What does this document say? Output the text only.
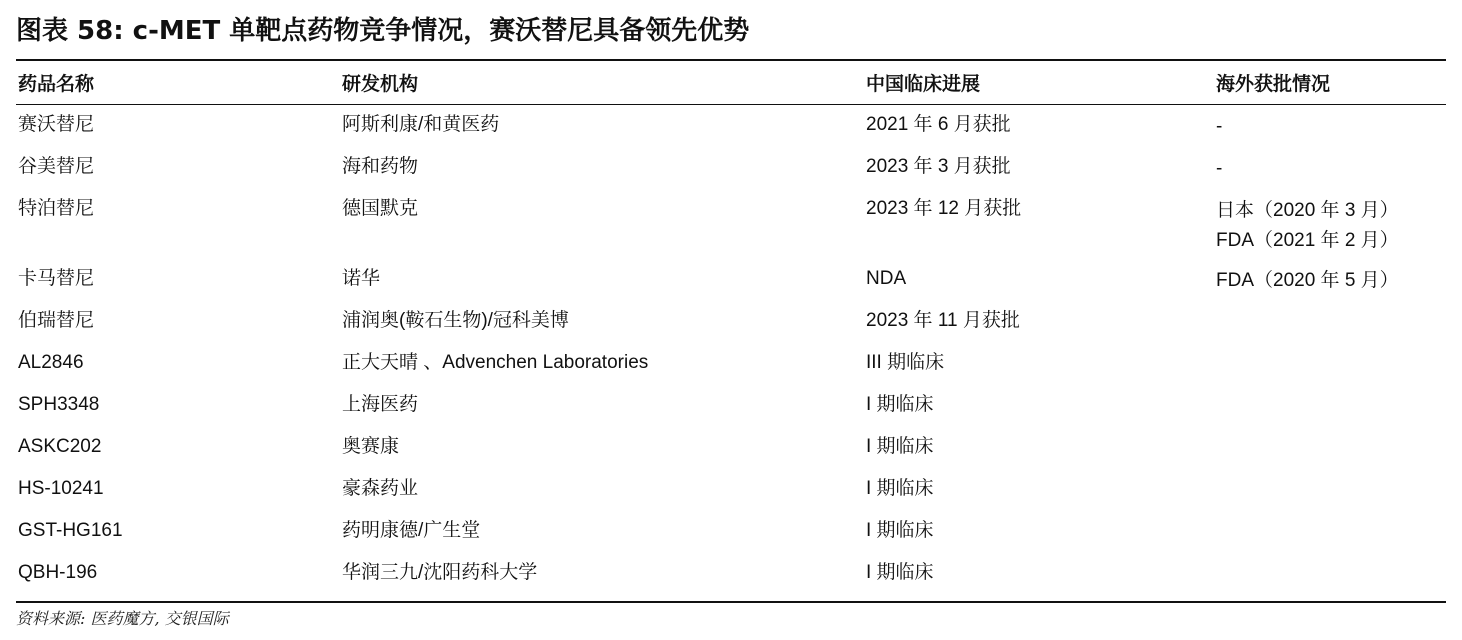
图表 58: c-MET 单靶点药物竞争情况，赛沃替尼具备领先优势
药品名称	研发机构	中国临床进展	海外获批情况
赛沃替尼	阿斯利康/和黄医药	2021 年 6 月获批	-

谷美替尼	海和药物	2023 年 3 月获批	-

特泊替尼	德国默克	2023 年 12 月获批	日本（2020 年 3 月）
FDA（2021 年 2 月）

卡马替尼	诺华	NDA	FDA（2020 年 5 月）

伯瑞替尼	浦润奥(鞍石生物)/冠科美博	2023 年 11 月获批	
AL2846	正大天晴 、Advenchen Laboratories	III 期临床	
SPH3348	上海医药	I 期临床	
ASKC202	奥赛康	I 期临床	
HS-10241	豪森药业	I 期临床	
GST-HG161	药明康德/广生堂	I 期临床	
QBH-196	华润三九/沈阳药科大学	I 期临床	
资料来源: 医药魔方, 交银国际
